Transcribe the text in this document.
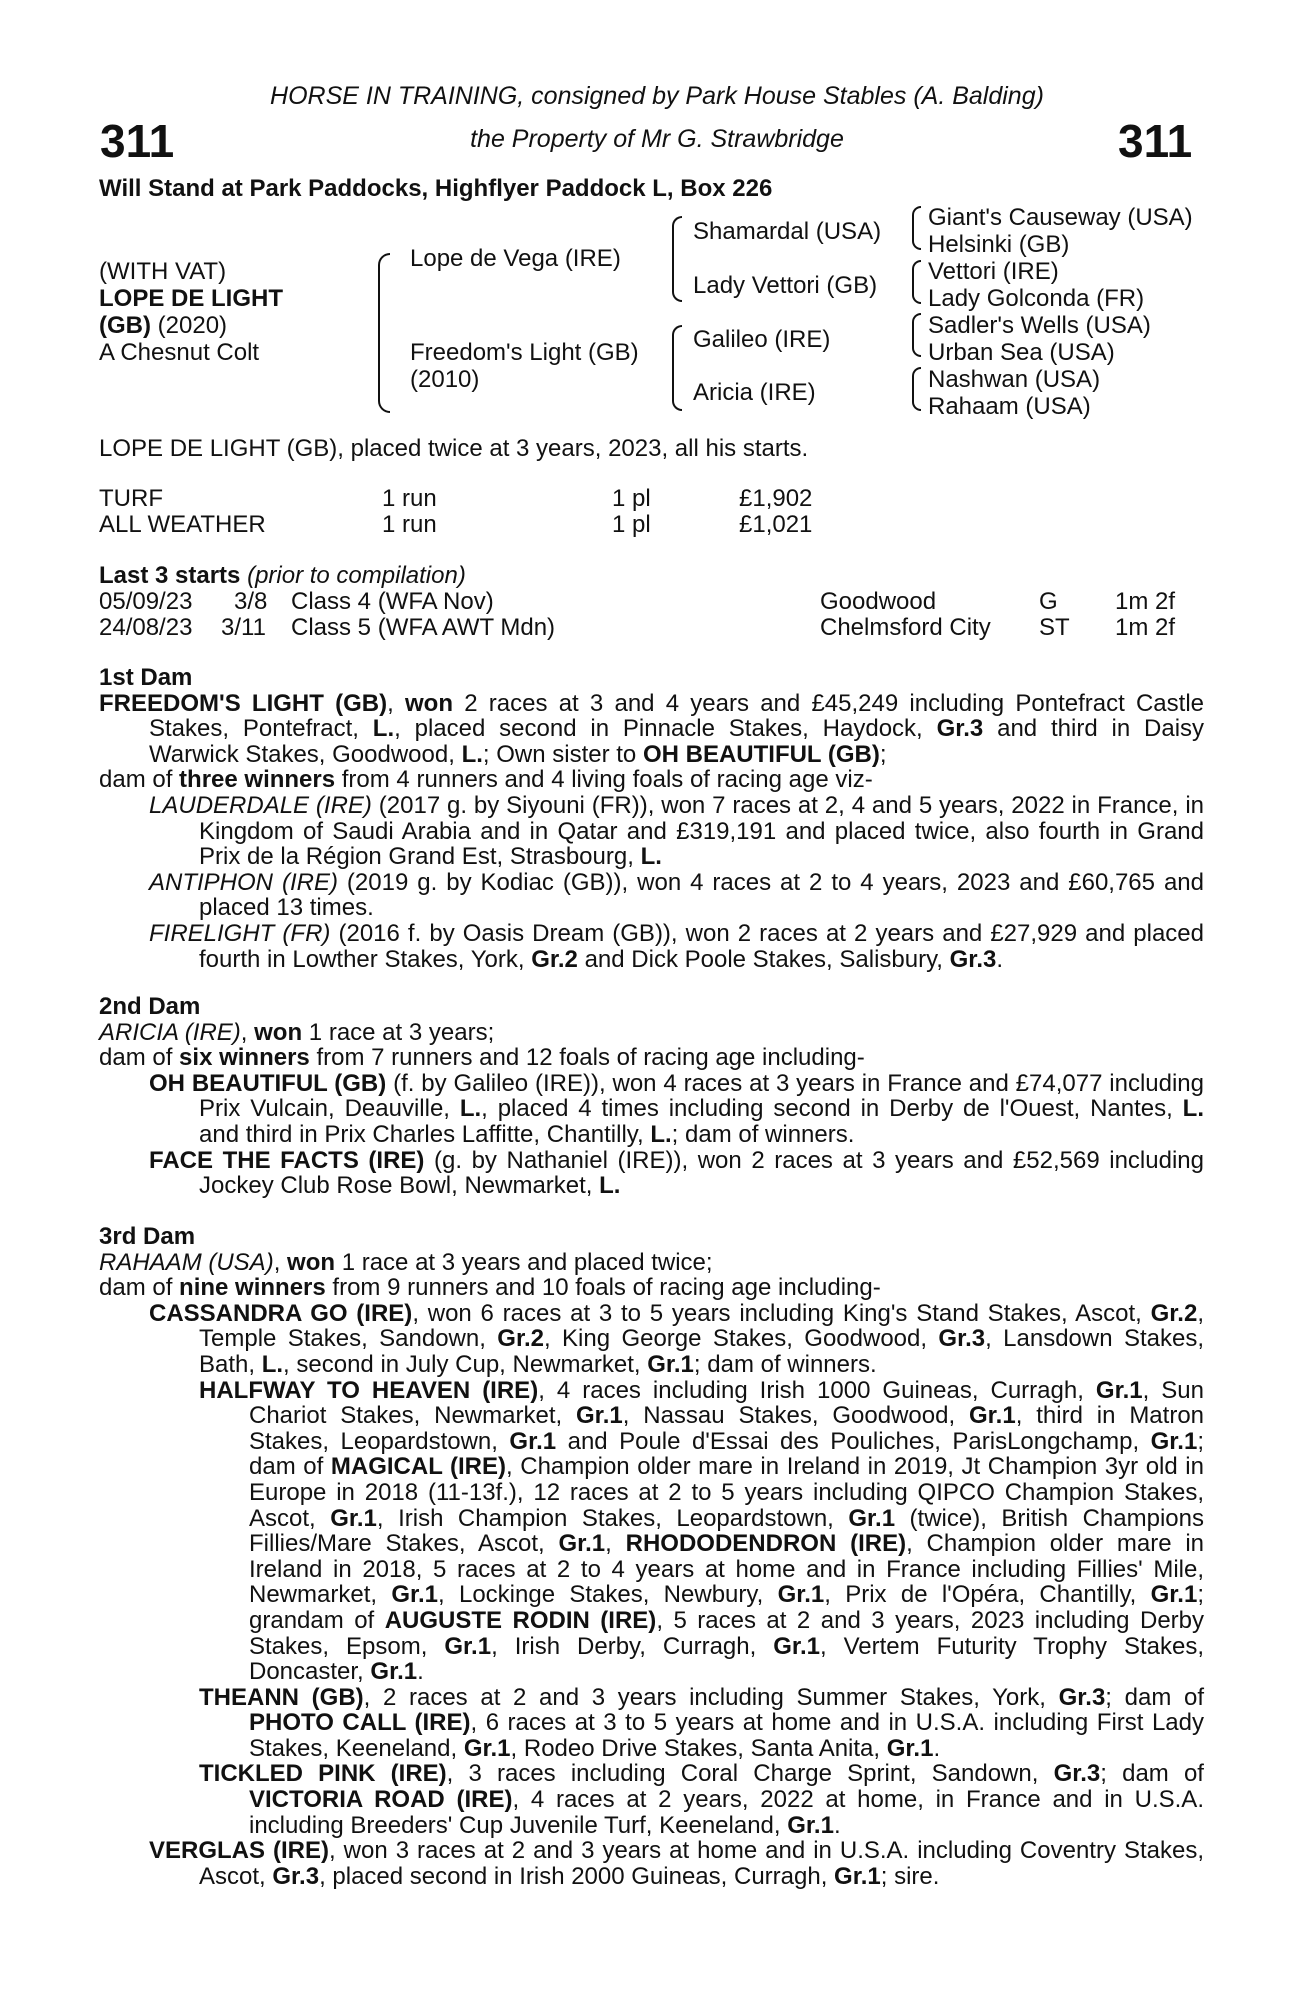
HORSE IN TRAINING, consigned by Park House Stables (A. Balding)
the Property of Mr G. Strawbridge
311	311
Will Stand at Park Paddocks, Highflyer Paddock L, Box 226
(WITH VAT)
LOPE DE LIGHT
(GB) (2020)
A Chesnut Colt
Lope de Vega (IRE)
Freedom's Light (GB)
(2010)
Shamardal (USA)
Lady Vettori (GB)
Galileo (IRE)
Aricia (IRE)
Giant's Causeway (USA)
Helsinki (GB)
Vettori (IRE)
Lady Golconda (FR)
Sadler's Wells (USA)
Urban Sea (USA)
Nashwan (USA)
Rahaam (USA)
LOPE DE LIGHT (GB), placed twice at 3 years, 2023, all his starts.
TURF	1 run	1 pl	£1,902
ALL WEATHER	1 run	1 pl	£1,021
Last 3 starts (prior to compilation)
05/09/23 3/8 Class 4 (WFA Nov)	Goodwood	G 1m 2f
24/08/23 3/11 Class 5 (WFA AWT Mdn)	Chelmsford City ST 1m 2f

1st Dam

FREEDOM'S LIGHT (GB), won 2 races at 3 and 4 years and £45,249 including Pontefract Castle Stakes, Pontefract, L., placed second in Pinnacle Stakes, Haydock, Gr.3 and third in Daisy Warwick Stakes, Goodwood, L.; Own sister to OH BEAUTIFUL (GB);

dam of three winners from 4 runners and 4 living foals of racing age viz-

LAUDERDALE (IRE) (2017 g. by Siyouni (FR)), won 7 races at 2, 4 and 5 years, 2022 in France, in Kingdom of Saudi Arabia and in Qatar and £319,191 and placed twice, also fourth in Grand Prix de la Région Grand Est, Strasbourg, L.

ANTIPHON (IRE) (2019 g. by Kodiac (GB)), won 4 races at 2 to 4 years, 2023 and £60,765 and placed 13 times.

FIRELIGHT (FR) (2016 f. by Oasis Dream (GB)), won 2 races at 2 years and £27,929 and placed fourth in Lowther Stakes, York, Gr.2 and Dick Poole Stakes, Salisbury, Gr.3.

2nd Dam

ARICIA (IRE), won 1 race at 3 years;

dam of six winners from 7 runners and 12 foals of racing age including-

OH BEAUTIFUL (GB) (f. by Galileo (IRE)), won 4 races at 3 years in France and £74,077 including Prix Vulcain, Deauville, L., placed 4 times including second in Derby de l'Ouest, Nantes, L. and third in Prix Charles Laffitte, Chantilly, L.; dam of winners.

FACE THE FACTS (IRE) (g. by Nathaniel (IRE)), won 2 races at 3 years and £52,569 including Jockey Club Rose Bowl, Newmarket, L.

3rd Dam

RAHAAM (USA), won 1 race at 3 years and placed twice;

dam of nine winners from 9 runners and 10 foals of racing age including-

CASSANDRA GO (IRE), won 6 races at 3 to 5 years including King's Stand Stakes, Ascot, Gr.2, Temple Stakes, Sandown, Gr.2, King George Stakes, Goodwood, Gr.3, Lansdown Stakes, Bath, L., second in July Cup, Newmarket, Gr.1; dam of winners.

HALFWAY TO HEAVEN (IRE), 4 races including Irish 1000 Guineas, Curragh, Gr.1, Sun Chariot Stakes, Newmarket, Gr.1, Nassau Stakes, Goodwood, Gr.1, third in Matron Stakes, Leopardstown, Gr.1 and Poule d'Essai des Pouliches, ParisLongchamp, Gr.1; dam of MAGICAL (IRE), Champion older mare in Ireland in 2019, Jt Champion 3yr old in Europe in 2018 (11-13f.), 12 races at 2 to 5 years including QIPCO Champion Stakes, Ascot, Gr.1, Irish Champion Stakes, Leopardstown, Gr.1 (twice), British Champions Fillies/Mare Stakes, Ascot, Gr.1, RHODODENDRON (IRE), Champion older mare in Ireland in 2018, 5 races at 2 to 4 years at home and in France including Fillies' Mile, Newmarket, Gr.1, Lockinge Stakes, Newbury, Gr.1, Prix de l'Opéra, Chantilly, Gr.1; grandam of AUGUSTE RODIN (IRE), 5 races at 2 and 3 years, 2023 including Derby Stakes, Epsom, Gr.1, Irish Derby, Curragh, Gr.1, Vertem Futurity Trophy Stakes, Doncaster, Gr.1.

THEANN (GB), 2 races at 2 and 3 years including Summer Stakes, York, Gr.3; dam of PHOTO CALL (IRE), 6 races at 3 to 5 years at home and in U.S.A. including First Lady Stakes, Keeneland, Gr.1, Rodeo Drive Stakes, Santa Anita, Gr.1.

TICKLED PINK (IRE), 3 races including Coral Charge Sprint, Sandown, Gr.3; dam of VICTORIA ROAD (IRE), 4 races at 2 years, 2022 at home, in France and in U.S.A. including Breeders' Cup Juvenile Turf, Keeneland, Gr.1.

VERGLAS (IRE), won 3 races at 2 and 3 years at home and in U.S.A. including Coventry Stakes, Ascot, Gr.3, placed second in Irish 2000 Guineas, Curragh, Gr.1; sire.
